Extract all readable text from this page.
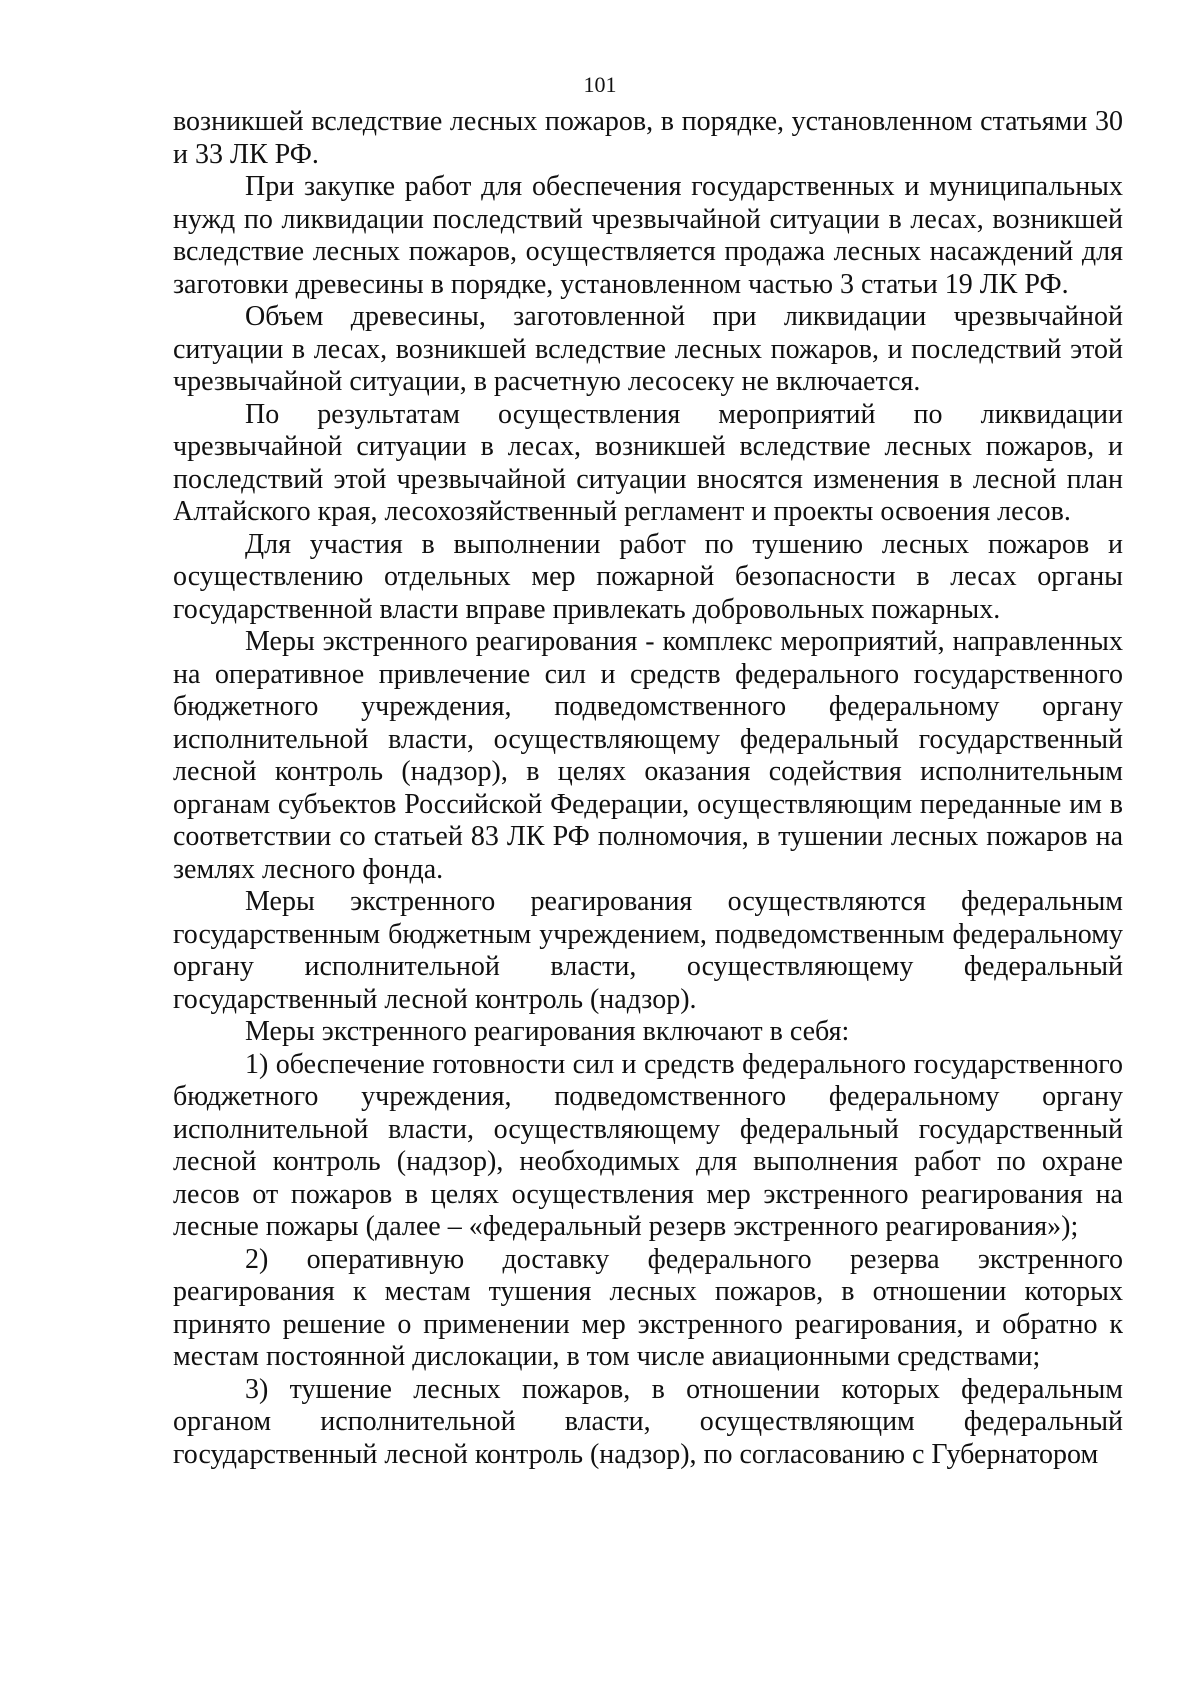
101

возникшей вследствие лесных пожаров, в порядке, установленном статьями 30 и 33 ЛК РФ.

При закупке работ для обеспечения государственных и муниципальных нужд по ликвидации последствий чрезвычайной ситуации в лесах, возникшей вследствие лесных пожаров, осуществляется продажа лесных насаждений для заготовки древесины в порядке, установленном частью 3 статьи 19 ЛК РФ.

Объем древесины, заготовленной при ликвидации чрезвычайной ситуации в лесах, возникшей вследствие лесных пожаров, и последствий этой чрезвычайной ситуации, в расчетную лесосеку не включается.

По результатам осуществления мероприятий по ликвидации чрезвычайной ситуации в лесах, возникшей вследствие лесных пожаров, и последствий этой чрезвычайной ситуации вносятся изменения в лесной план Алтайского края, лесохозяйственный регламент и проекты освоения лесов.

Для участия в выполнении работ по тушению лесных пожаров и осуществлению отдельных мер пожарной безопасности в лесах органы государственной власти вправе привлекать добровольных пожарных.

Меры экстренного реагирования - комплекс мероприятий, направленных на оперативное привлечение сил и средств федерального государственного бюджетного учреждения, подведомственного федеральному органу исполнительной власти, осуществляющему федеральный государственный лесной контроль (надзор), в целях оказания содействия исполнительным органам субъектов Российской Федерации, осуществляющим переданные им в соответствии со статьей 83 ЛК РФ полномочия, в тушении лесных пожаров на землях лесного фонда.

Меры экстренного реагирования осуществляются федеральным государственным бюджетным учреждением, подведомственным федеральному органу исполнительной власти, осуществляющему федеральный государственный лесной контроль (надзор).

Меры экстренного реагирования включают в себя:

1) обеспечение готовности сил и средств федерального государственного бюджетного учреждения, подведомственного федеральному органу исполнительной власти, осуществляющему федеральный государственный лесной контроль (надзор), необходимых для выполнения работ по охране лесов от пожаров в целях осуществления мер экстренного реагирования на лесные пожары (далее – «федеральный резерв экстренного реагирования»);

2) оперативную доставку федерального резерва экстренного реагирования к местам тушения лесных пожаров, в отношении которых принято решение о применении мер экстренного реагирования, и обратно к местам постоянной дислокации, в том числе авиационными средствами;

3) тушение лесных пожаров, в отношении которых федеральным органом исполнительной власти, осуществляющим федеральный государственный лесной контроль (надзор), по согласованию с Губернатором
